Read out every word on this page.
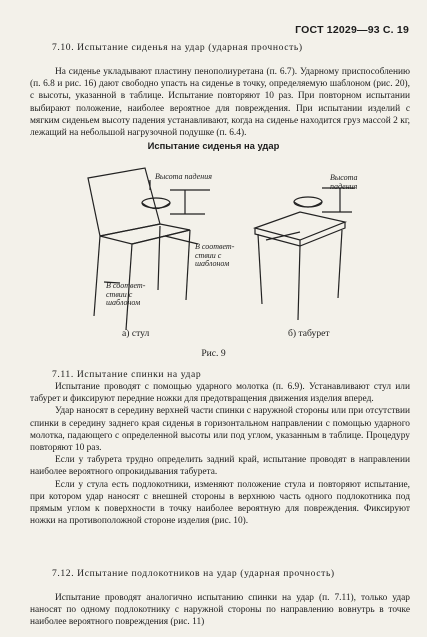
ГОСТ 12029—93 С. 19
7.10. Испытание сиденья на удар (ударная прочность)

На сиденье укладывают пластину пенополиуретана (п. 6.7). Ударному приспособлению (п. 6.8 и рис. 16) дают свободно упасть на сиденье в точку, определяемую шаблоном (рис. 20), с высоты, указанной в таблице. Испытание повторяют 10 раз. При повторном испытании выбирают положение, наиболее вероятное для повреждения. При испытании изделий с мягким сиденьем высоту падения устанавливают, когда на сиденье находится груз массой 2 кг, лежащий на небольшой нагрузочной подушке (п. 6.4).

Испытание сиденья на удар
Высота падения
В соответ-ствии с шаблоном
В соответ-ствии с шаблоном
Высота падения
а) стул	б) табурет
Рис. 9
7.11. Испытание спинки на удар

Испытание проводят с помощью ударного молотка (п. 6.9). Устанавливают стул или табурет и фиксируют передние ножки для предотвращения движения изделия вперед.

Удар наносят в середину верхней части спинки с наружной стороны или при отсутствии спинки в середину заднего края сиденья в горизонтальном направлении с помощью ударного молотка, падающего с определенной высоты или под углом, указанным в таблице. Процедуру повторяют 10 раз.

Если у табурета трудно определить задний край, испытание проводят в направлении наиболее вероятного опрокидывания табурета.

Если у стула есть подлокотники, изменяют положение стула и повторяют испытание, при котором удар наносят с внешней стороны в верхнюю часть одного подлокотника под прямым углом к поверхности в точку наиболее вероятную для повреждения. Фиксируют ножки на противоположной стороне изделия (рис. 10).

7.12. Испытание подлокотников на удар (ударная прочность)

Испытание проводят аналогично испытанию спинки на удар (п. 7.11), только удар наносят по одному подлокотнику с наружной стороны по направлению вовнутрь в точке наиболее вероятного повреждения (рис. 11)
